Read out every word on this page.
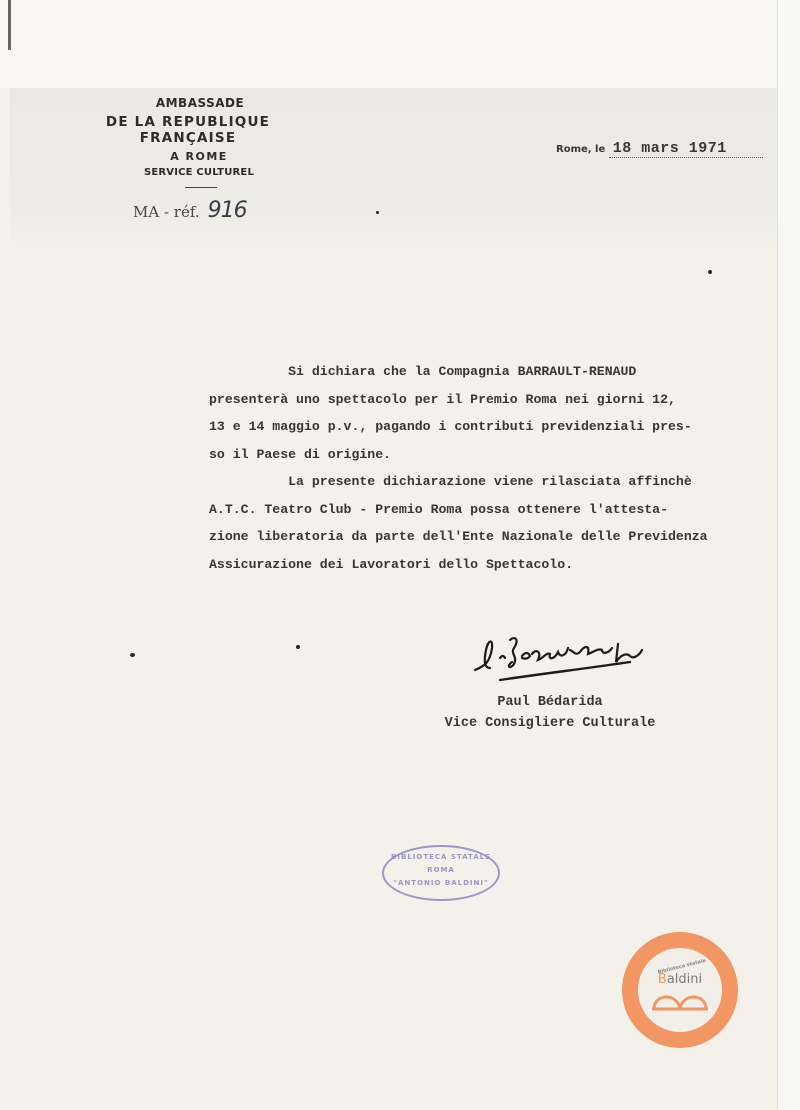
AMBASSADE
DE LA REPUBLIQUE FRANÇAISE
A ROME
SERVICE CULTUREL
MA - réf. 916
Rome, le 18 mars 1971
Si dichiara che la Compagnia BARRAULT-RENAUD
presenterà uno spettacolo per il Premio Roma nei giorni 12,
13 e 14 maggio p.v., pagando i contributi previdenziali pres-
so il Paese di origine.
La presente dichiarazione viene rilasciata affinchè
A.T.C. Teatro Club - Premio Roma possa ottenere l'attesta-
zione liberatoria da parte dell'Ente Nazionale delle Previdenza
Assicurazione dei Lavoratori dello Spettacolo.
Paul Bédarida
Vice Consigliere Culturale
BIBLIOTECA STATALE
ROMA
"ANTONIO BALDINI"
Biblioteca statale
Baldini
